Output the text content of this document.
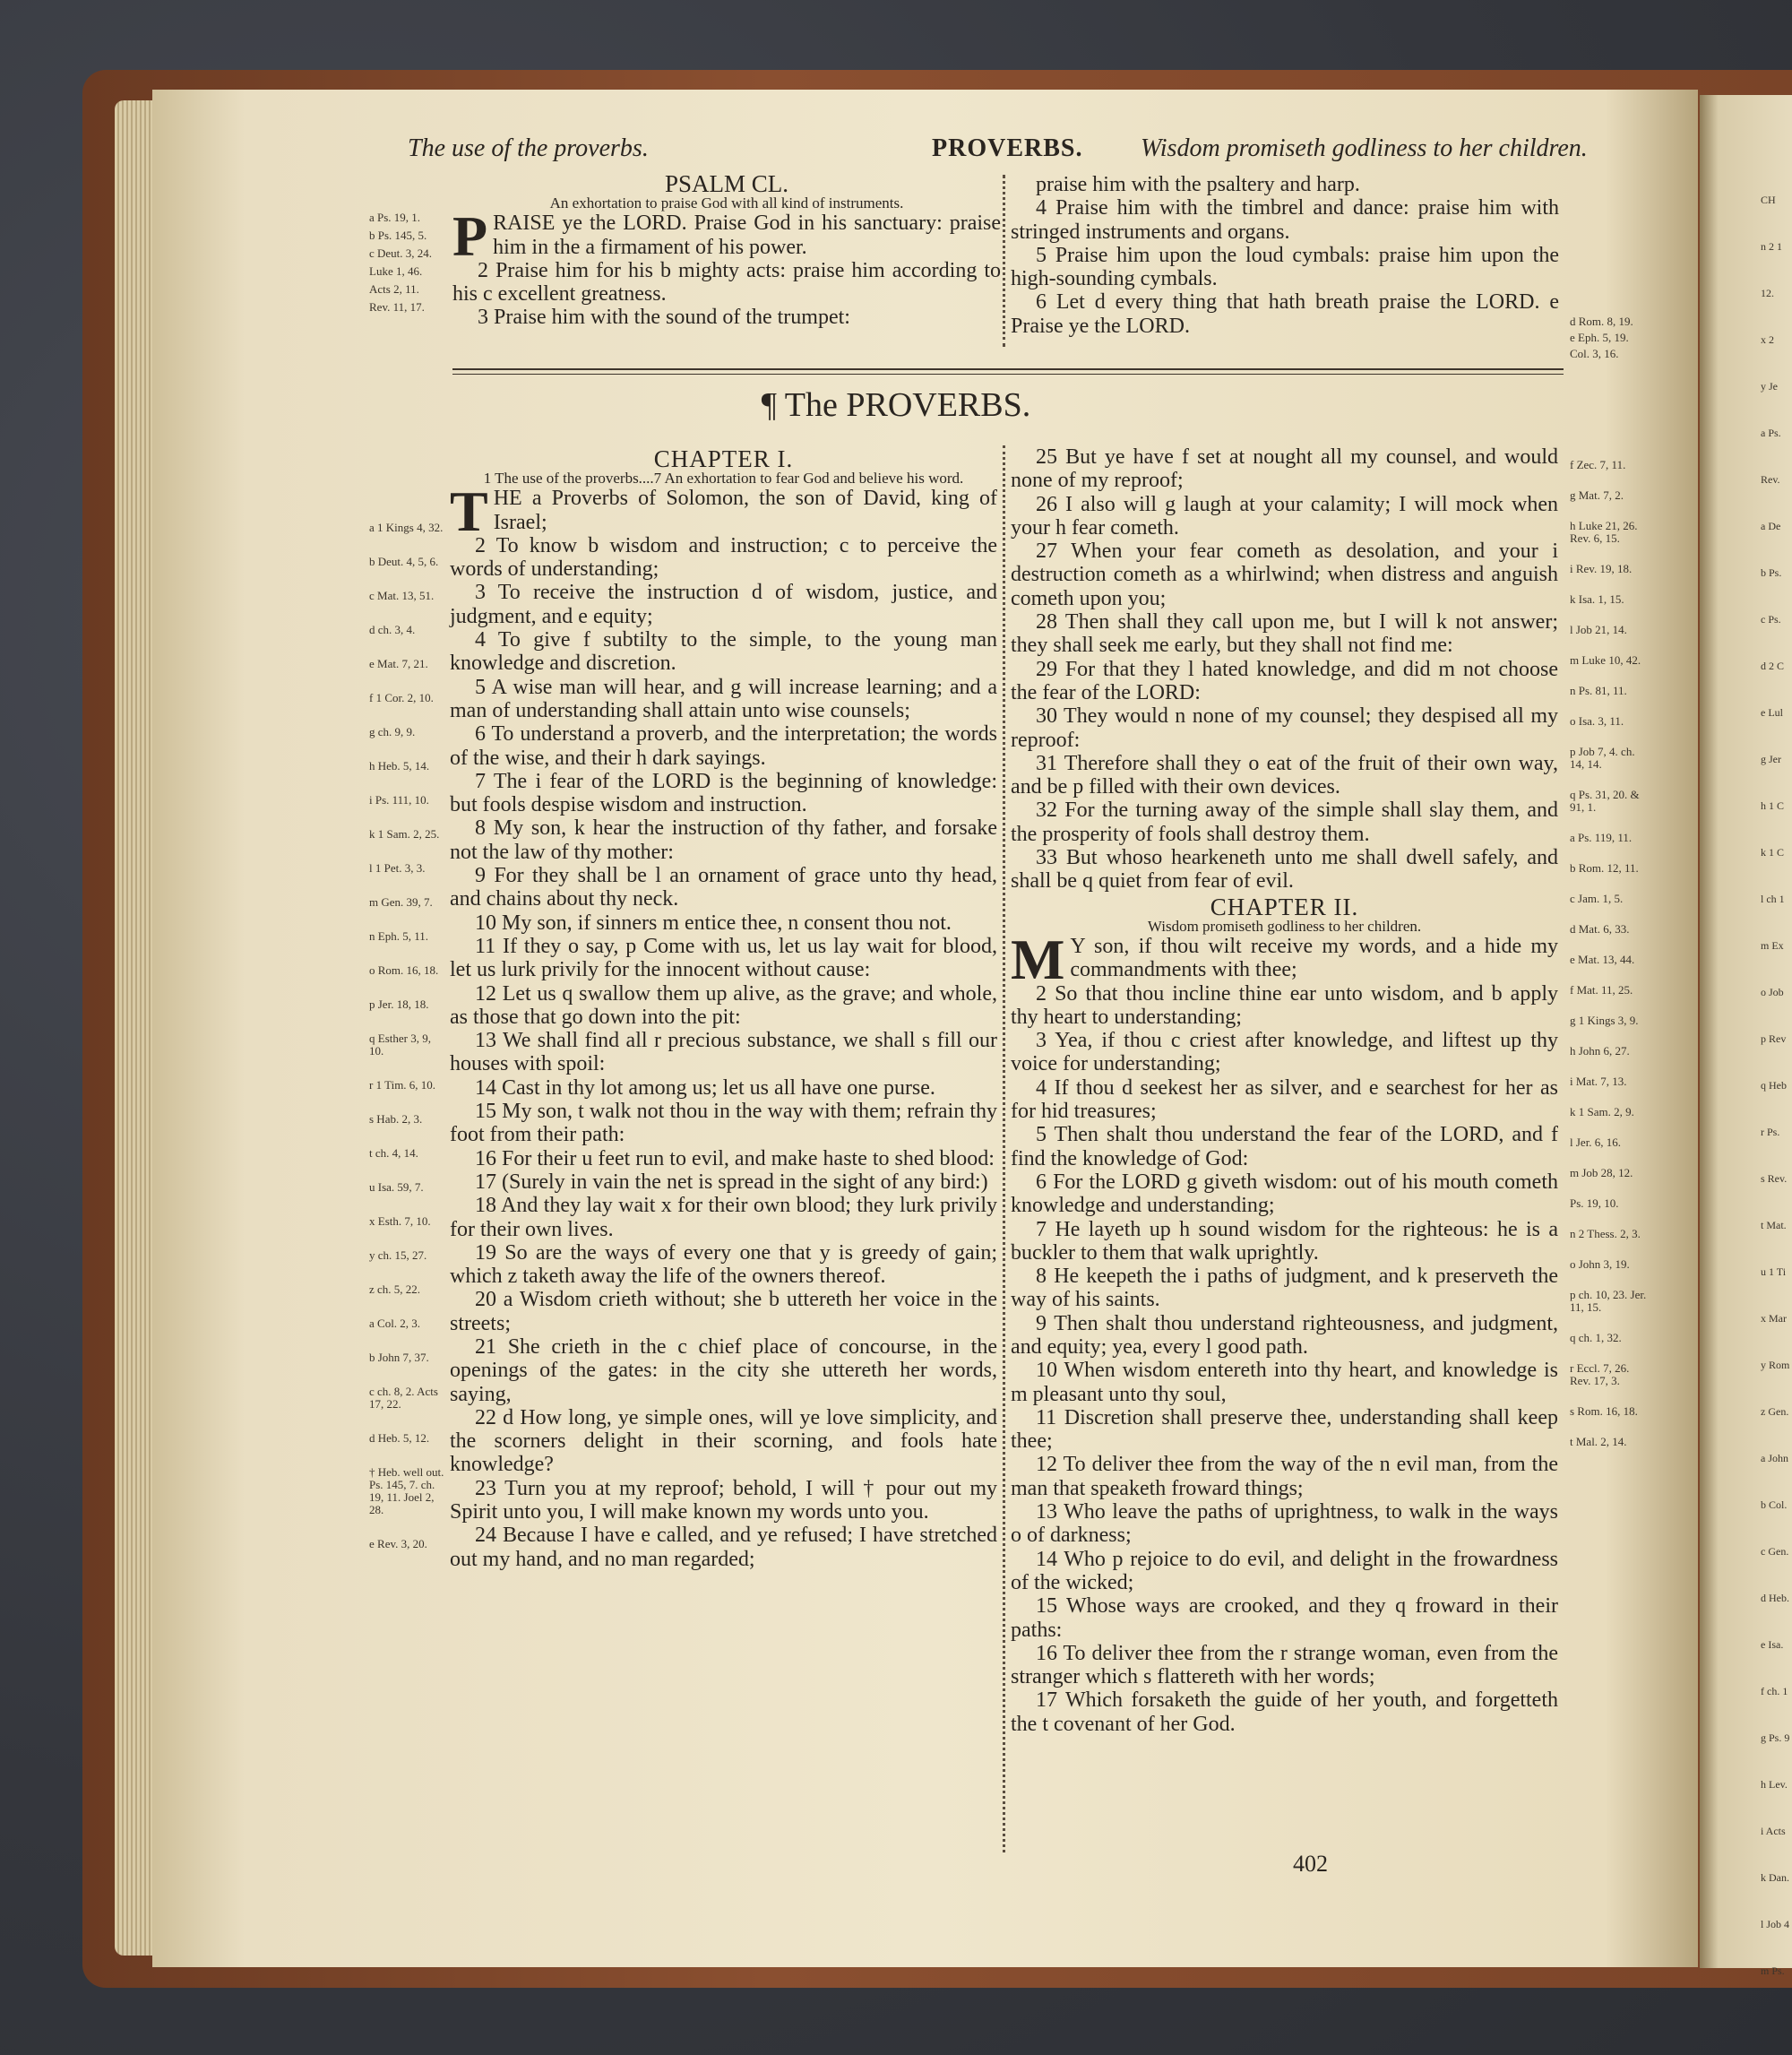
CH
n 2 1
12.
x 2
y Je
a Ps.
Rev.
a De
b Ps.
c Ps.
d 2 C
e Lul
g Jer
h 1 C
k 1 C
l ch 1
m Ex
o Job
p Rev
q Heb
r Ps.
s Rev.
t Mat.
u 1 Ti
x Mar
y Rom
z Gen.
a John
b Col.
c Gen.
d Heb.
e Isa.
f ch. 1
g Ps. 9
h Lev.
i Acts
k Dan.
l Job 4
m Ps.
The use of the proverbs.	PROVERBS. Wisdom promiseth godliness to her children.

PSALM CL.

An exhortation to praise God with all kind of instruments.

PRAISE ye the LORD. Praise God in his sanctuary: praise him in the a firmament of his power.

2 Praise him for his b mighty acts: praise him according to his c excellent greatness.

3 Praise him with the sound of the trumpet:

praise him with the psaltery and harp.

4 Praise him with the timbrel and dance: praise him with stringed instruments and organs.

5 Praise him upon the loud cymbals: praise him upon the high-sounding cymbals.

6 Let d every thing that hath breath praise the LORD. e Praise ye the LORD.

a Ps. 19, 1.
b Ps. 145, 5.
c Deut. 3, 24.
Luke 1, 46.
Acts 2, 11.
Rev. 11, 17.
d Rom. 8, 19.
e Eph. 5, 19.
Col. 3, 16.
¶ The PROVERBS.

CHAPTER I.

1 The use of the proverbs....7 An exhortation to fear God and believe his word.

THE a Proverbs of Solomon, the son of David, king of Israel;

2 To know b wisdom and instruction; c to perceive the words of understanding;

3 To receive the instruction d of wisdom, justice, and judgment, and e equity;

4 To give f subtilty to the simple, to the young man knowledge and discretion.

5 A wise man will hear, and g will increase learning; and a man of understanding shall attain unto wise counsels;

6 To understand a proverb, and the interpretation; the words of the wise, and their h dark sayings.

7 The i fear of the LORD is the beginning of knowledge: but fools despise wisdom and instruction.

8 My son, k hear the instruction of thy father, and forsake not the law of thy mother:

9 For they shall be l an ornament of grace unto thy head, and chains about thy neck.

10 My son, if sinners m entice thee, n consent thou not.

11 If they o say, p Come with us, let us lay wait for blood, let us lurk privily for the innocent without cause:

12 Let us q swallow them up alive, as the grave; and whole, as those that go down into the pit:

13 We shall find all r precious substance, we shall s fill our houses with spoil:

14 Cast in thy lot among us; let us all have one purse.

15 My son, t walk not thou in the way with them; refrain thy foot from their path:

16 For their u feet run to evil, and make haste to shed blood:

17 (Surely in vain the net is spread in the sight of any bird:)

18 And they lay wait x for their own blood; they lurk privily for their own lives.

19 So are the ways of every one that y is greedy of gain; which z taketh away the life of the owners thereof.

20 a Wisdom crieth without; she b uttereth her voice in the streets;

21 She crieth in the c chief place of concourse, in the openings of the gates: in the city she uttereth her words, saying,

22 d How long, ye simple ones, will ye love simplicity, and the scorners delight in their scorning, and fools hate knowledge?

23 Turn you at my reproof; behold, I will † pour out my Spirit unto you, I will make known my words unto you.

24 Because I have e called, and ye refused; I have stretched out my hand, and no man regarded;

25 But ye have f set at nought all my counsel, and would none of my reproof;

26 I also will g laugh at your calamity; I will mock when your h fear cometh.

27 When your fear cometh as desolation, and your i destruction cometh as a whirlwind; when distress and anguish cometh upon you;

28 Then shall they call upon me, but I will k not answer; they shall seek me early, but they shall not find me:

29 For that they l hated knowledge, and did m not choose the fear of the LORD:

30 They would n none of my counsel; they despised all my reproof:

31 Therefore shall they o eat of the fruit of their own way, and be p filled with their own devices.

32 For the turning away of the simple shall slay them, and the prosperity of fools shall destroy them.

33 But whoso hearkeneth unto me shall dwell safely, and shall be q quiet from fear of evil.

CHAPTER II.

Wisdom promiseth godliness to her children.

M Y son, if thou wilt receive my words, and a hide my commandments with thee;

2 So that thou incline thine ear unto wisdom, and b apply thy heart to understanding;

3 Yea, if thou c criest after knowledge, and liftest up thy voice for understanding;

4 If thou d seekest her as silver, and e searchest for her as for hid treasures;

5 Then shalt thou understand the fear of the LORD, and f find the knowledge of God:

6 For the LORD g giveth wisdom: out of his mouth cometh knowledge and understanding;

7 He layeth up h sound wisdom for the righteous: he is a buckler to them that walk uprightly.

8 He keepeth the i paths of judgment, and k preserveth the way of his saints.

9 Then shalt thou understand righteousness, and judgment, and equity; yea, every l good path.

10 When wisdom entereth into thy heart, and knowledge is m pleasant unto thy soul,

11 Discretion shall preserve thee, understanding shall keep thee;

12 To deliver thee from the way of the n evil man, from the man that speaketh froward things;

13 Who leave the paths of uprightness, to walk in the ways o of darkness;

14 Who p rejoice to do evil, and delight in the frowardness of the wicked;

15 Whose ways are crooked, and they q froward in their paths:

16 To deliver thee from the r strange woman, even from the stranger which s flattereth with her words;

17 Which forsaketh the guide of her youth, and forgetteth the t covenant of her God.

a 1 Kings 4, 32.
b Deut. 4, 5, 6.
c Mat. 13, 51.
d ch. 3, 4.
e Mat. 7, 21.
f 1 Cor. 2, 10.
g ch. 9, 9.
h Heb. 5, 14.
i Ps. 111, 10.
k 1 Sam. 2, 25.
l 1 Pet. 3, 3.
m Gen. 39, 7.
n Eph. 5, 11.
o Rom. 16, 18.
p Jer. 18, 18.
q Esther 3, 9, 10.
r 1 Tim. 6, 10.
s Hab. 2, 3.
t ch. 4, 14.
u Isa. 59, 7.
x Esth. 7, 10.
y ch. 15, 27.
z ch. 5, 22.
a Col. 2, 3.
b John 7, 37.
c ch. 8, 2. Acts 17, 22.
d Heb. 5, 12.
† Heb. well out. Ps. 145, 7. ch. 19, 11. Joel 2, 28.
e Rev. 3, 20.
f Zec. 7, 11.
g Mat. 7, 2.
h Luke 21, 26. Rev. 6, 15.
i Rev. 19, 18.
k Isa. 1, 15.
l Job 21, 14.
m Luke 10, 42.
n Ps. 81, 11.
o Isa. 3, 11.
p Job 7, 4. ch. 14, 14.
q Ps. 31, 20. & 91, 1.
a Ps. 119, 11.
b Rom. 12, 11.
c Jam. 1, 5.
d Mat. 6, 33.
e Mat. 13, 44.
f Mat. 11, 25.
g 1 Kings 3, 9.
h John 6, 27.
i Mat. 7, 13.
k 1 Sam. 2, 9.
l Jer. 6, 16.
m Job 28, 12.
Ps. 19, 10.
n 2 Thess. 2, 3.
o John 3, 19.
p ch. 10, 23. Jer. 11, 15.
q ch. 1, 32.
r Eccl. 7, 26. Rev. 17, 3.
s Rom. 16, 18.
t Mal. 2, 14.
402
